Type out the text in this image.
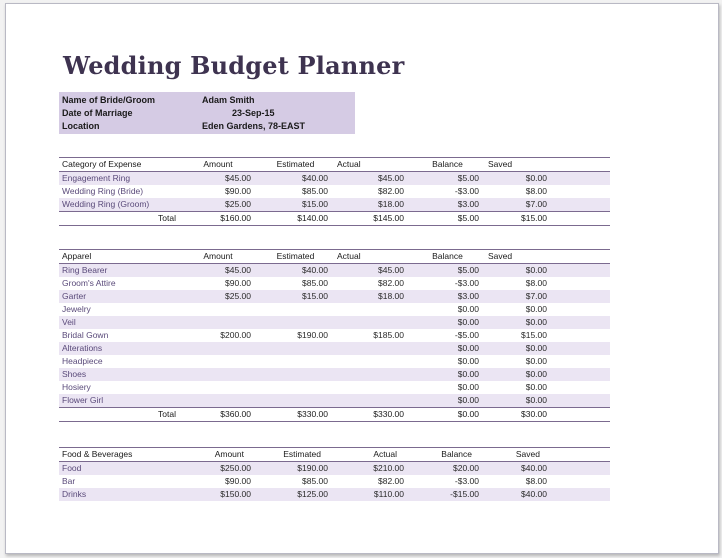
Wedding Budget Planner
Name of Bride/Groom	Adam Smith
Date of Marriage	23-Sep-15
Location	Eden Gardens, 78-EAST
Category of Expense	Amount	Estimated	Actual	Balance	Saved	
Engagement Ring	$45.00	$40.00	$45.00	$5.00	$0.00	
Wedding Ring (Bride)	$90.00	$85.00	$82.00	-$3.00	$8.00	
Wedding Ring (Groom)	$25.00	$15.00	$18.00	$3.00	$7.00	
Total	$160.00	$140.00	$145.00	$5.00	$15.00	
Apparel	Amount	Estimated	Actual	Balance	Saved	
Ring Bearer	$45.00	$40.00	$45.00	$5.00	$0.00	
Groom's Attire	$90.00	$85.00	$82.00	-$3.00	$8.00	
Garter	$25.00	$15.00	$18.00	$3.00	$7.00	
Jewelry				$0.00	$0.00	
Veil				$0.00	$0.00	
Bridal Gown	$200.00	$190.00	$185.00	-$5.00	$15.00	
Alterations				$0.00	$0.00	
Headpiece				$0.00	$0.00	
Shoes				$0.00	$0.00	
Hosiery				$0.00	$0.00	
Flower Girl				$0.00	$0.00	
Total	$360.00	$330.00	$330.00	$0.00	$30.00	
Food & Beverages	Amount	Estimated	Actual	Balance	Saved	
Food	$250.00	$190.00	$210.00	$20.00	$40.00	
Bar	$90.00	$85.00	$82.00	-$3.00	$8.00	
Drinks	$150.00	$125.00	$110.00	-$15.00	$40.00	
